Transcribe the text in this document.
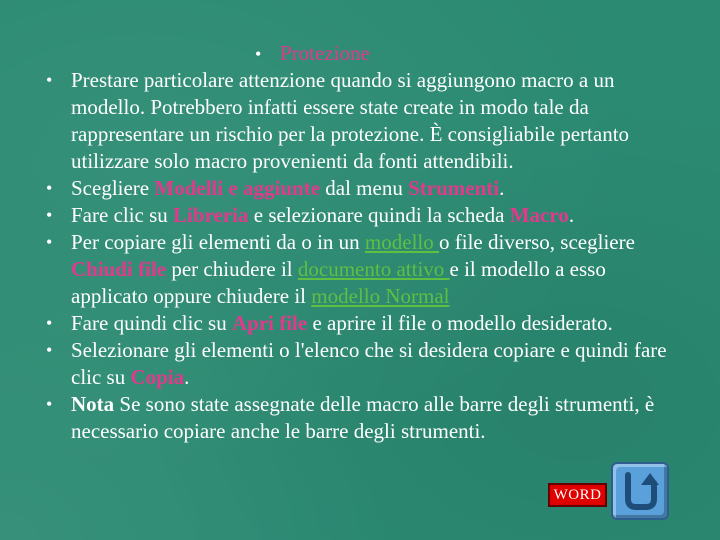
• Protezione
• Prestare particolare attenzione quando si aggiungono macro a un modello. Potrebbero infatti essere state create in modo tale da rappresentare un rischio per la protezione. È consigliabile pertanto utilizzare solo macro provenienti da fonti attendibili.
• Scegliere Modelli e aggiunte dal menu Strumenti.
• Fare clic su Libreria e selezionare quindi la scheda Macro.
• Per copiare gli elementi da o in un modello o file diverso, scegliere Chiudi file per chiudere il documento attivo e il modello a esso applicato oppure chiudere il modello Normal
• Fare quindi clic su Apri file e aprire il file o modello desiderato.
• Selezionare gli elementi o l'elenco che si desidera copiare e quindi fare clic su Copia.
• Nota Se sono state assegnate delle macro alle barre degli strumenti, è necessario copiare anche le barre degli strumenti.
WORD
